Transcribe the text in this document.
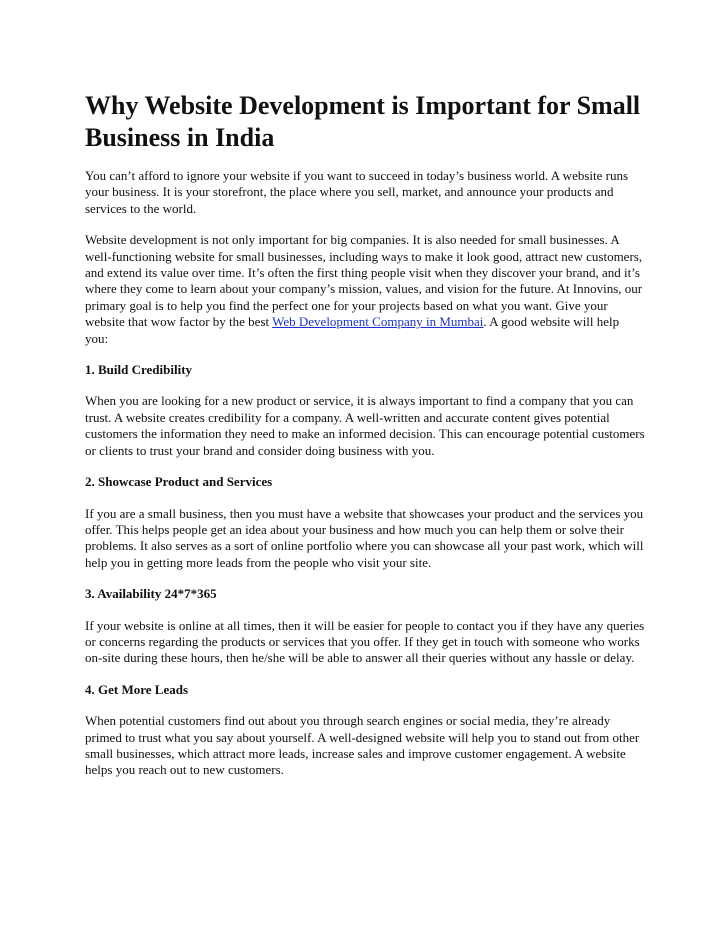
Why Website Development is Important for Small Business in India

You can’t afford to ignore your website if you want to succeed in today’s business world. A website runs your business. It is your storefront, the place where you sell, market, and announce your products and services to the world.

Website development is not only important for big companies. It is also needed for small businesses. A well-functioning website for small businesses, including ways to make it look good, attract new customers, and extend its value over time. It’s often the first thing people visit when they discover your brand, and it’s where they come to learn about your company’s mission, values, and vision for the future. At Innovins, our primary goal is to help you find the perfect one for your projects based on what you want. Give your website that wow factor by the best Web Development Company in Mumbai. A good website will help you:

1. Build Credibility

When you are looking for a new product or service, it is always important to find a company that you can trust. A website creates credibility for a company. A well-written and accurate content gives potential customers the information they need to make an informed decision. This can encourage potential customers or clients to trust your brand and consider doing business with you.

2. Showcase Product and Services

If you are a small business, then you must have a website that showcases your product and the services you offer. This helps people get an idea about your business and how much you can help them or solve their problems. It also serves as a sort of online portfolio where you can showcase all your past work, which will help you in getting more leads from the people who visit your site.

3. Availability 24*7*365

If your website is online at all times, then it will be easier for people to contact you if they have any queries or concerns regarding the products or services that you offer. If they get in touch with someone who works on-site during these hours, then he/she will be able to answer all their queries without any hassle or delay.

4. Get More Leads

When potential customers find out about you through search engines or social media, they’re already primed to trust what you say about yourself. A well-designed website will help you to stand out from other small businesses, which attract more leads, increase sales and improve customer engagement. A website helps you reach out to new customers.
